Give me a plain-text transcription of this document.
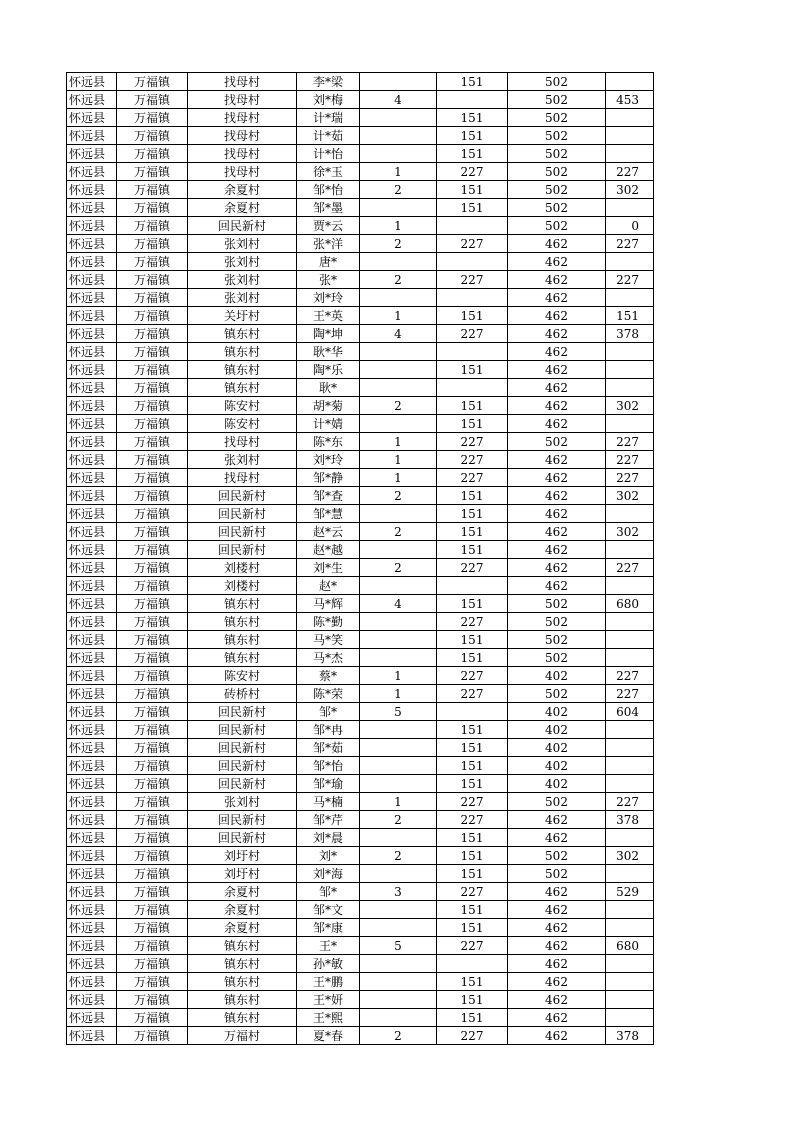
怀远县	万福镇	找母村	李*梁		151	502	
怀远县	万福镇	找母村	刘*梅	4		502	453
怀远县	万福镇	找母村	计*瑞		151	502	
怀远县	万福镇	找母村	计*茹		151	502	
怀远县	万福镇	找母村	计*怡		151	502	
怀远县	万福镇	找母村	徐*玉	1	227	502	227
怀远县	万福镇	余夏村	邹*怡	2	151	502	302
怀远县	万福镇	余夏村	邹*墨		151	502	
怀远县	万福镇	回民新村	贾*云	1		502	0
怀远县	万福镇	张刘村	张*洋	2	227	462	227
怀远县	万福镇	张刘村	唐*			462	
怀远县	万福镇	张刘村	张*	2	227	462	227
怀远县	万福镇	张刘村	刘*玲			462	
怀远县	万福镇	关圩村	王*英	1	151	462	151
怀远县	万福镇	镇东村	陶*坤	4	227	462	378
怀远县	万福镇	镇东村	耿*华			462	
怀远县	万福镇	镇东村	陶*乐		151	462	
怀远县	万福镇	镇东村	耿*			462	
怀远县	万福镇	陈安村	胡*菊	2	151	462	302
怀远县	万福镇	陈安村	计*婧		151	462	
怀远县	万福镇	找母村	陈*东	1	227	502	227
怀远县	万福镇	张刘村	刘*玲	1	227	462	227
怀远县	万福镇	找母村	邹*静	1	227	462	227
怀远县	万福镇	回民新村	邹*查	2	151	462	302
怀远县	万福镇	回民新村	邹*慧		151	462	
怀远县	万福镇	回民新村	赵*云	2	151	462	302
怀远县	万福镇	回民新村	赵*越		151	462	
怀远县	万福镇	刘楼村	刘*生	2	227	462	227
怀远县	万福镇	刘楼村	赵*			462	
怀远县	万福镇	镇东村	马*辉	4	151	502	680
怀远县	万福镇	镇东村	陈*勤		227	502	
怀远县	万福镇	镇东村	马*笑		151	502	
怀远县	万福镇	镇东村	马*杰		151	502	
怀远县	万福镇	陈安村	蔡*	1	227	402	227
怀远县	万福镇	砖桥村	陈*荣	1	227	502	227
怀远县	万福镇	回民新村	邹*	5		402	604
怀远县	万福镇	回民新村	邹*冉		151	402	
怀远县	万福镇	回民新村	邹*茹		151	402	
怀远县	万福镇	回民新村	邹*怡		151	402	
怀远县	万福镇	回民新村	邹*瑜		151	402	
怀远县	万福镇	张刘村	马*楠	1	227	502	227
怀远县	万福镇	回民新村	邹*芹	2	227	462	378
怀远县	万福镇	回民新村	刘*晨		151	462	
怀远县	万福镇	刘圩村	刘*	2	151	502	302
怀远县	万福镇	刘圩村	刘*海		151	502	
怀远县	万福镇	余夏村	邹*	3	227	462	529
怀远县	万福镇	余夏村	邹*文		151	462	
怀远县	万福镇	余夏村	邹*康		151	462	
怀远县	万福镇	镇东村	王*	5	227	462	680
怀远县	万福镇	镇东村	孙*敏			462	
怀远县	万福镇	镇东村	王*鹏		151	462	
怀远县	万福镇	镇东村	王*妍		151	462	
怀远县	万福镇	镇东村	王*熙		151	462	
怀远县	万福镇	万福村	夏*春	2	227	462	378
